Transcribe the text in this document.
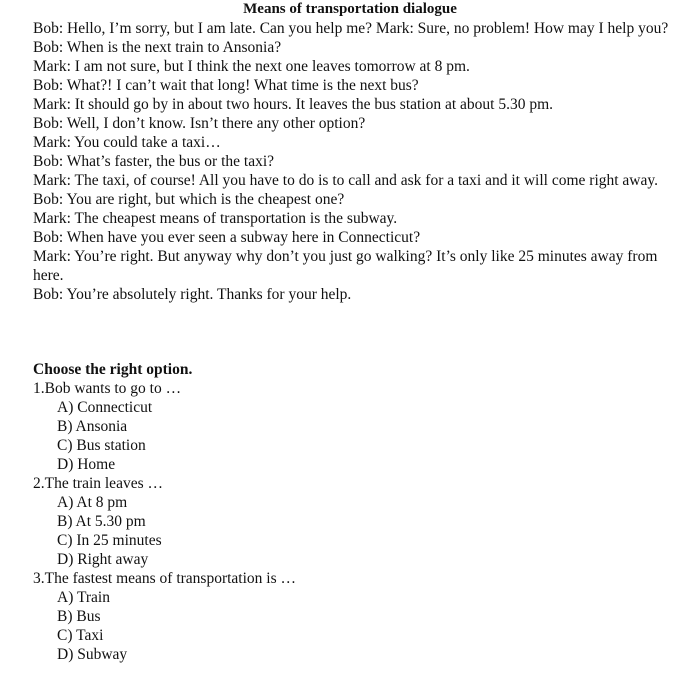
Means of transportation dialogue

Bob: Hello, I’m sorry, but I am late. Can you help me? Mark: Sure, no problem! How may I help you?

Bob: When is the next train to Ansonia?

Mark: I am not sure, but I think the next one leaves tomorrow at 8 pm.

Bob: What?! I can’t wait that long! What time is the next bus?

Mark: It should go by in about two hours. It leaves the bus station at about 5.30 pm.

Bob: Well, I don’t know. Isn’t there any other option?

Mark: You could take a taxi…

Bob: What’s faster, the bus or the taxi?

Mark: The taxi, of course! All you have to do is to call and ask for a taxi and it will come right away.

Bob: You are right, but which is the cheapest one?

Mark: The cheapest means of transportation is the subway.

Bob: When have you ever seen a subway here in Connecticut?

Mark: You’re right. But anyway why don’t you just go walking? It’s only like 25 minutes away from here.

Bob: You’re absolutely right. Thanks for your help.

Choose the right option.
1.Bob wants to go to …
A) Connecticut
B) Ansonia
C) Bus station
D) Home
2.The train leaves …
A) At 8 pm
B) At 5.30 pm
C) In 25 minutes
D) Right away
3.The fastest means of transportation is …
A) Train
B) Bus
C) Taxi
D) Subway
